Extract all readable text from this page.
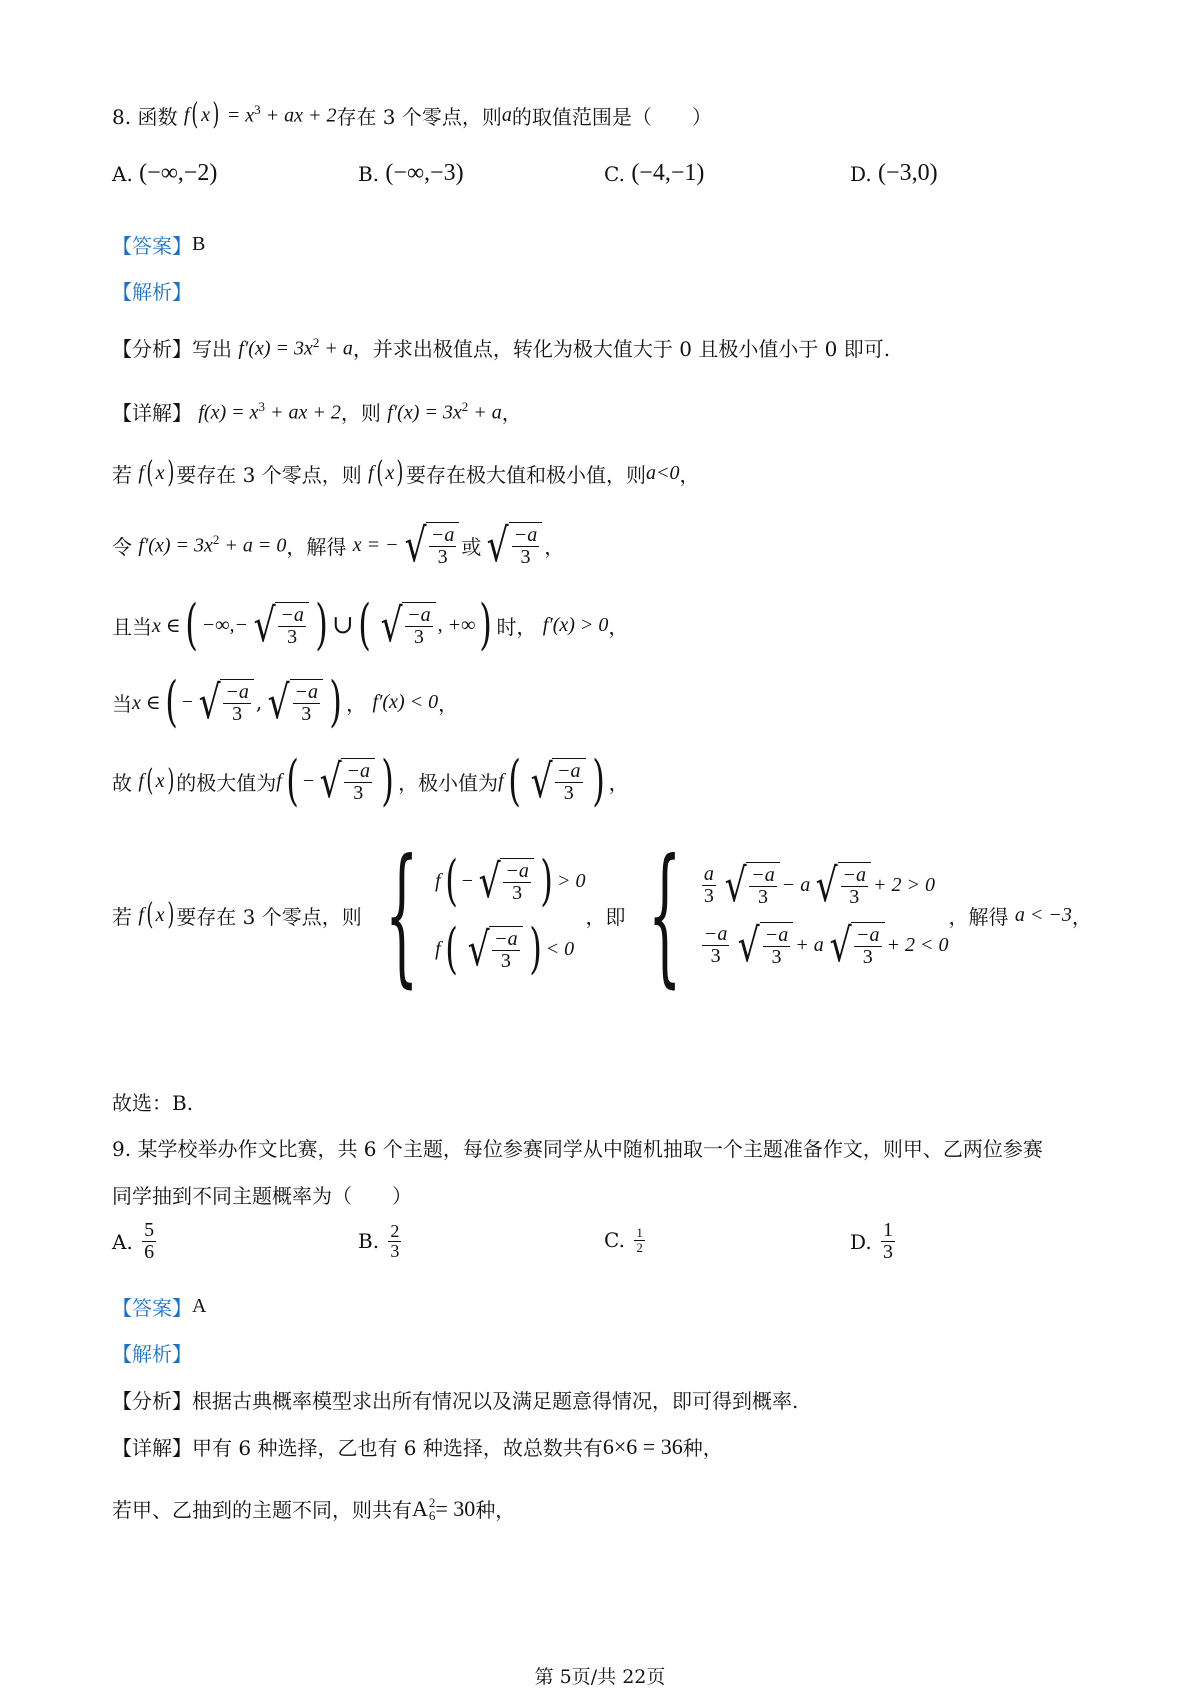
8. 函数
f ( x ) = $x^3$ + ax + 2 存在 3 个零点，则 a 的取值范围是（　　）
A.
(−∞,−2)	B.
(−∞,−3)	C.
(−4,−1)	D.
(−3,0)
【答案】 B
【解析】
【分析】 写出
$f'(x) = 3x^2 + a$ ，并求出极值点，转化为极大值大于 0 且极小值小于 0 即可.
【详解】
$f(x) = x^3$ + ax + 2 ，则
$f'(x) = 3x^2 + a$ ，
若
f ( x ) 要存在 3 个零点，则
f ( x ) 要存在极大值和极小值，则 a<0 ，
令
$f'(x) = 3x^2 + a = 0$ ，解得
x = − √ $\frac{-a}{3}$ 或 √ $\frac{-a}{3}$ ，
且当 x ∈ ( −∞,− √ $\frac{-a}{3}$ ) ∪ ( √ $\frac{-a}{3}$ , +∞ ) 时，
f′(x) > 0 ，
当 x ∈ ( − √ $\frac{-a}{3}$ , √ $\frac{-a}{3}$ ) ，
f′(x) < 0 ，
故
f ( x ) 的极大值为 f ( − √ $\frac{-a}{3}$ ) ，极小值为 f ( √ $\frac{-a}{3}$ ) ，
若
f ( x ) 要存在 3 个零点，则 { f ( − √ $\frac{-a}{3}$ ) > 0
f ( √ $\frac{-a}{3}$ ) < 0
，即 { $\frac{a}{3}$ √ $\frac{-a}{3} - a$ √ $\frac{-a}{3} + 2 > 0$
$\frac{-a}{3}$ √ $\frac{-a}{3} + a$ √ $\frac{-a}{3} + 2 < 0$
，解得
a < −3 ，
故选：B.
9. 某学校举办作文比赛，共 6 个主题，每位参赛同学从中随机抽取一个主题准备作文，则甲、乙两位参赛
同学抽到不同主题概率为（　　）
A.
$\frac{5}{6}$	B.
$\frac{2}{3}$	C.
$\frac{1}{2}$	D.
$\frac{1}{3}$
【答案】 A
【解析】
【分析】 根据古典概率模型求出所有情况以及满足题意得情况，即可得到概率.
【详解】 甲有 6 种选择，乙也有 6 种选择，故总数共有 6×6 = 36 种，
若甲、乙抽到的主题不同，则共有 A 2
6 = 30 种，
第 5页/共 22页
